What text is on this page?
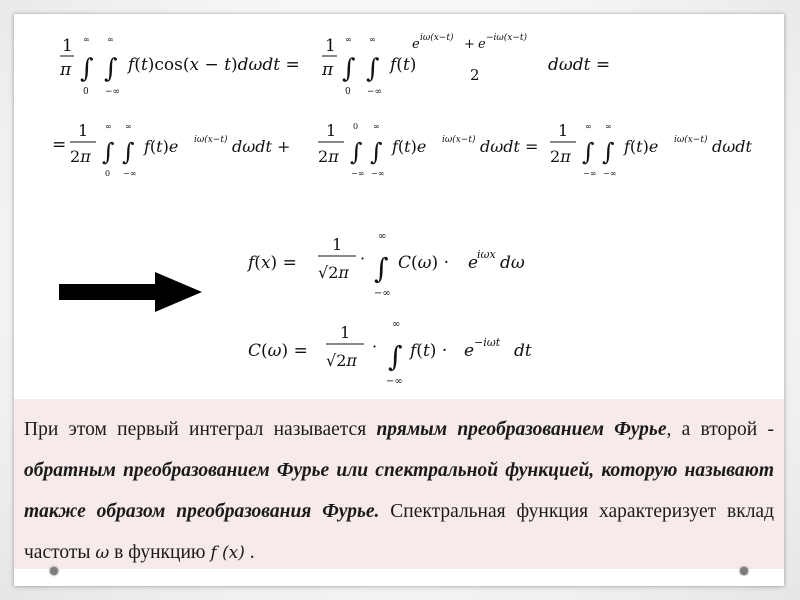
1
π ∫
∞
0
∫
∞
−∞
f(t)cos(x − t)dωdt =
1
π ∫
∞
0
∫
∞
−∞
f(t)
e iω(x−t) + e −iω(x−t)
2	dωdt =
=
1
2π ∫
∞
0
∫
∞
−∞
f(t)e iω(x−t) dωdt +
1
2π ∫
0
−∞
∫
∞
−∞
f(t)e iω(x−t) dωdt =
1
2π ∫
∞
−∞
∫
∞
−∞
f(t)e iω(x−t) dωdt
f(x) =
1
√2π
· ∫
∞
−∞
C(ω) · e
iωx dω
C(ω) =
1
√2π
· ∫
∞
−∞
f(t) · e −iωt dt
При этом первый интеграл называется прямым преобразованием Фурье, а второй - обратным преобразованием Фурье или спектральной функцией, которую называют также образом преобразования Фурье. Спектральная функция характеризует вклад частоты ω в функцию f (x) .
